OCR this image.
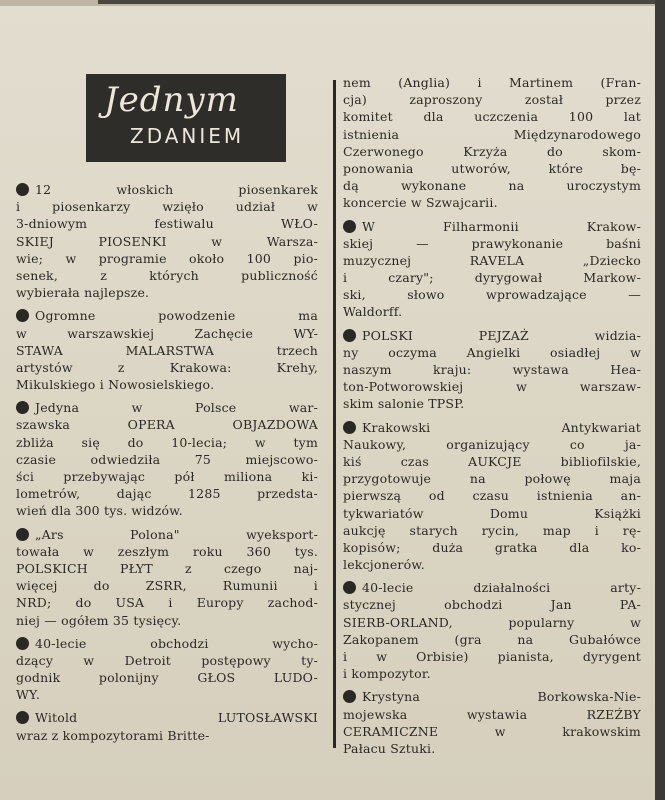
Jednym
ZDANIEM
12 włoskich piosenkarek
i piosenkarzy wzięło udział w
3-dniowym festiwalu WŁO-
SKIEJ PIOSENKI w Warsza-
wie; w programie około 100 pio-
senek, z których publiczność
wybierała najlepsze.
Ogromne powodzenie ma
w warszawskiej Zachęcie WY-
STAWA MALARSTWA trzech
artystów z Krakowa: Krehy,
Mikulskiego i Nowosielskiego.
Jedyna w Polsce war-
szawska OPERA OBJAZDOWA
zbliża się do 10-lecia; w tym
czasie odwiedziła 75 miejscowo-
ści przebywając pół miliona ki-
lometrów, dając 1285 przedsta-
wień dla 300 tys. widzów.
„Ars Polona" wyeksport-
towała w zeszłym roku 360 tys.
POLSKICH PŁYT z czego naj-
więcej do ZSRR, Rumunii i
NRD; do USA i Europy zachod-
niej — ogółem 35 tysięcy.
40-lecie obchodzi wycho-
dzący w Detroit postępowy ty-
godnik polonijny GŁOS LUDO-
WY.
Witold LUTOSŁAWSKI
wraz z kompozytorami Britte-
nem (Anglia) i Martinem (Fran-
cja) zaproszony został przez
komitet dla uczczenia 100 lat
istnienia Międzynarodowego
Czerwonego Krzyża do skom-
ponowania utworów, które bę-
dą wykonane na uroczystym
koncercie w Szwajcarii.
W Filharmonii Krakow-
skiej — prawykonanie baśni
muzycznej RAVELA „Dziecko
i czary"; dyrygował Markow-
ski, słowo wprowadzające —
Waldorff.
POLSKI PEJZAŻ widzia-
ny oczyma Angielki osiadłej w
naszym kraju: wystawa Hea-
ton-Potworowskiej w warszaw-
skim salonie TPSP.
Krakowski Antykwariat
Naukowy, organizujący co ja-
kiś czas AUKCJE bibliofilskie,
przygotowuje na połowę maja
pierwszą od czasu istnienia an-
tykwariatów Domu Książki
aukcję starych rycin, map i rę-
kopisów; duża gratka dla ko-
lekcjonerów.
40-lecie działalności arty-
stycznej obchodzi Jan PA-
SIERB-ORLAND, popularny w
Zakopanem (gra na Gubałówce
i w Orbisie) pianista, dyrygent
i kompozytor.
Krystyna Borkowska-Nie-
mojewska wystawia RZEŹBY
CERAMICZNE w krakowskim
Pałacu Sztuki.
